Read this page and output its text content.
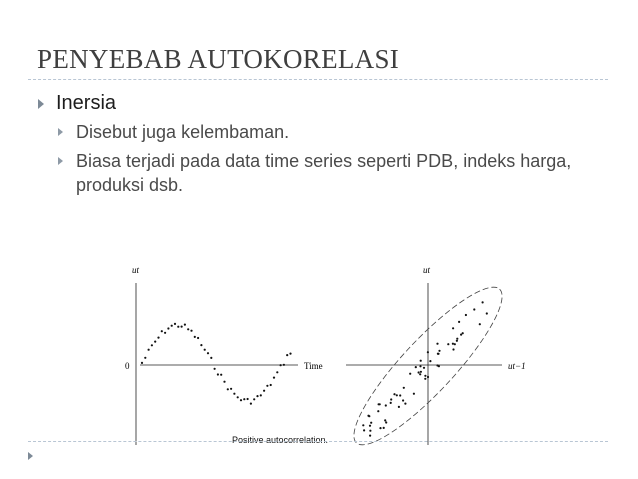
PENYEBAB AUTOKORELASI
Inersia
Disebut juga kelembaman.
Biasa terjadi pada data time series seperti PDB, indeks harga, produksi dsb.
ut
0	Time
ut
ut−1
Positive autocorrelation.
